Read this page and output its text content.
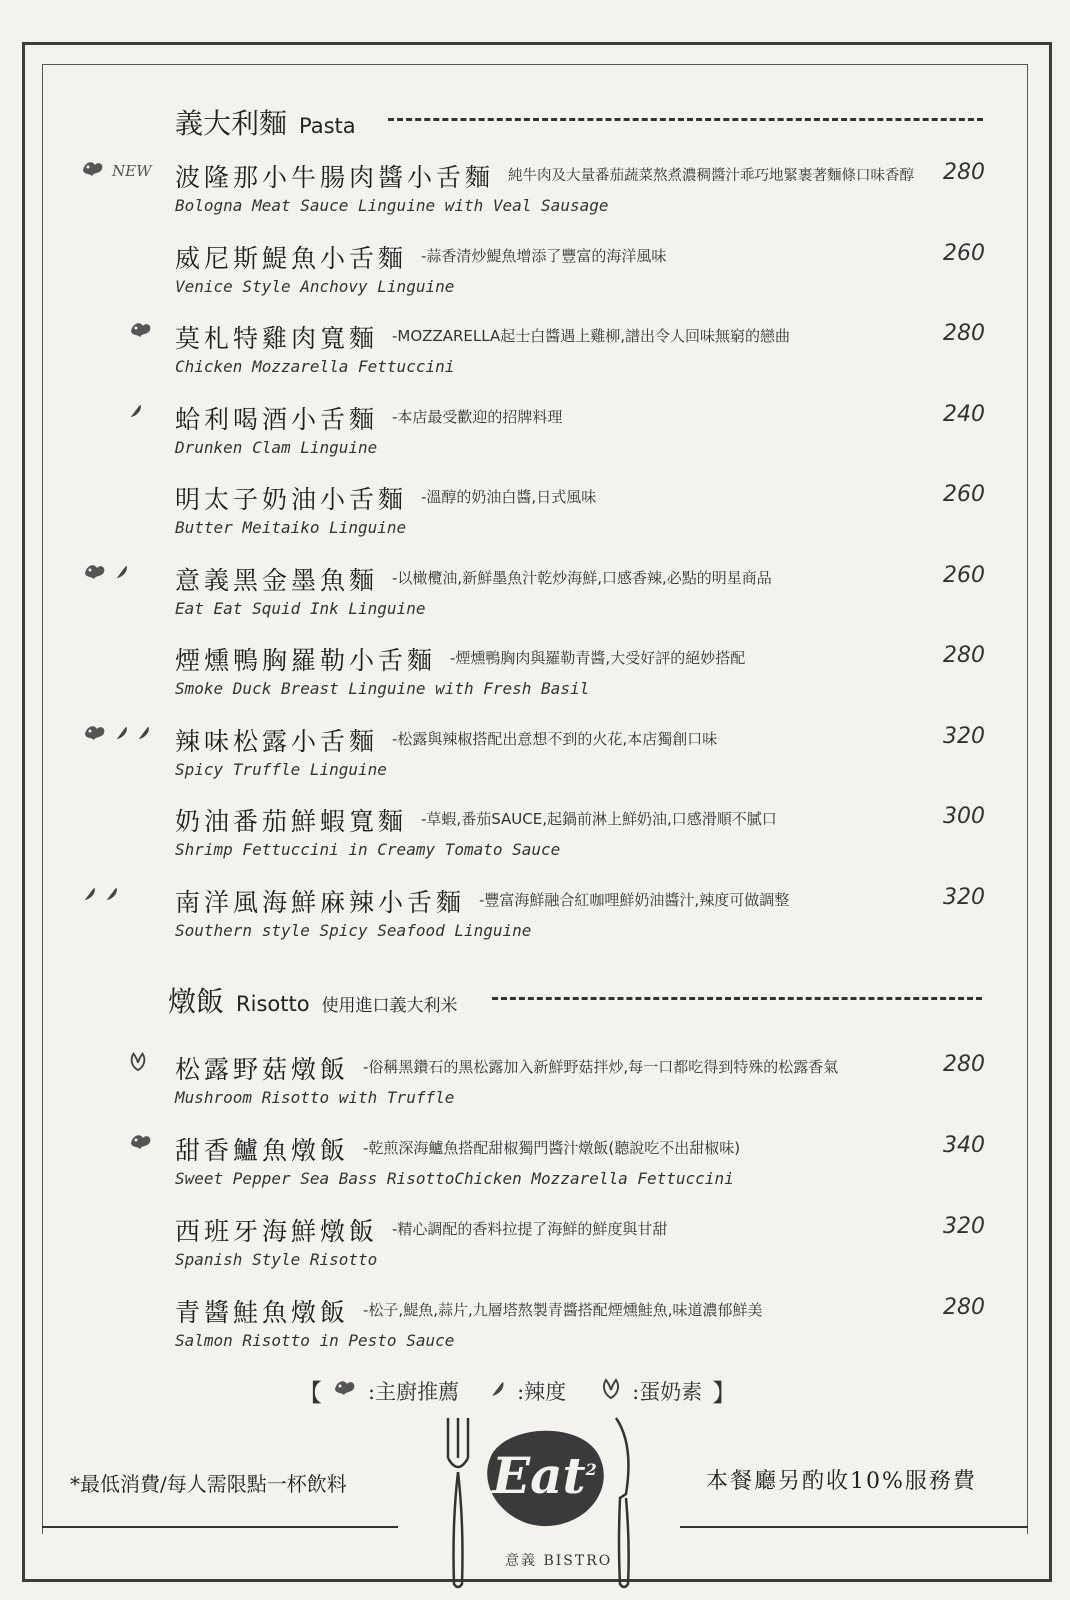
義大利麵 Pasta
NEW 波隆那小牛腸肉醬小舌麵 純牛肉及大量番茄蔬菜熬煮濃稠醬汁乖巧地緊裹著麵條口味香醇
Bologna Meat Sauce Linguine with Veal Sausage
280
威尼斯鯷魚小舌麵 -蒜香清炒鯷魚增添了豐富的海洋風味
Venice Style Anchovy Linguine
260
莫札特雞肉寬麵 -MOZZARELLA起士白醬遇上雞柳,譜出令人回味無窮的戀曲
Chicken Mozzarella Fettuccini
280
蛤利喝酒小舌麵 -本店最受歡迎的招牌料理
Drunken Clam Linguine
240
明太子奶油小舌麵 -溫醇的奶油白醬,日式風味
Butter Meitaiko Linguine
260
意義黑金墨魚麵 -以橄欖油,新鮮墨魚汁乾炒海鮮,口感香辣,必點的明星商品
Eat Eat Squid Ink Linguine
260
煙燻鴨胸羅勒小舌麵 -煙燻鴨胸肉與羅勒青醬,大受好評的絕妙搭配
Smoke Duck Breast Linguine with Fresh Basil
280
辣味松露小舌麵 -松露與辣椒搭配出意想不到的火花,本店獨創口味
Spicy Truffle Linguine
320
奶油番茄鮮蝦寬麵 -草蝦,番茄SAUCE,起鍋前淋上鮮奶油,口感滑順不膩口
Shrimp Fettuccini in Creamy Tomato Sauce
300
南洋風海鮮麻辣小舌麵 -豐富海鮮融合紅咖哩鮮奶油醬汁,辣度可做調整
Southern style Spicy Seafood Linguine
320
燉飯 Risotto 使用進口義大利米
松露野菇燉飯 -俗稱黑鑽石的黑松露加入新鮮野菇拌炒,每一口都吃得到特殊的松露香氣
Mushroom Risotto with Truffle
280
甜香鱸魚燉飯 -乾煎深海鱸魚搭配甜椒獨門醬汁燉飯(聽說吃不出甜椒味)
Sweet Pepper Sea Bass RisottoChicken Mozzarella Fettuccini
340
西班牙海鮮燉飯 -精心調配的香料拉提了海鮮的鮮度與甘甜
Spanish Style Risotto
320
青醬鮭魚燉飯 -松子,鯷魚,蒜片,九層塔熬製青醬搭配煙燻鮭魚,味道濃郁鮮美
Salmon Risotto in Pesto Sauce
280
【 :主廚推薦	:辣度	:蛋奶素 】
*最低消費/每人需限點一杯飲料	本餐廳另酌收10%服務費
Eat$^2$
意義 BISTRO
